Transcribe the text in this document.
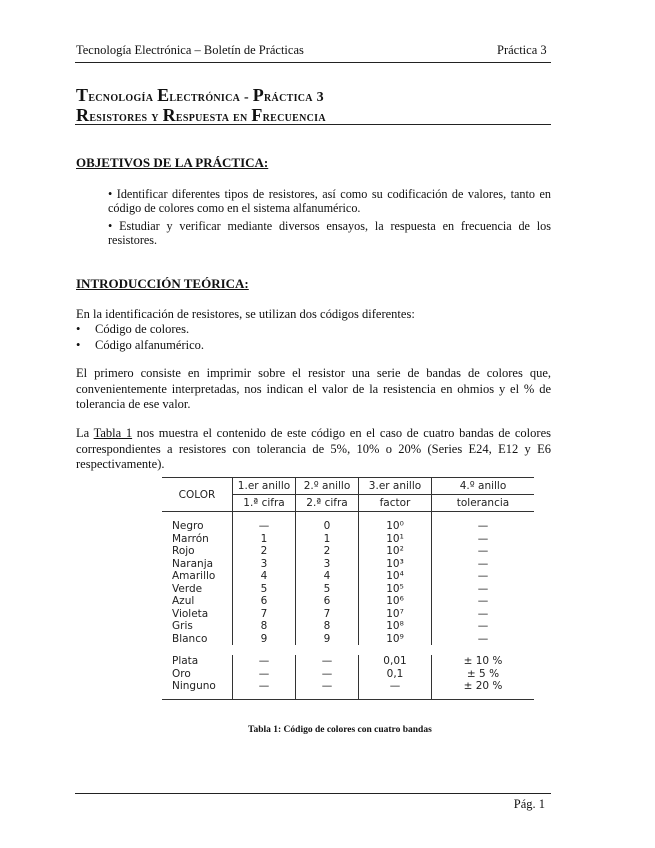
Tecnología Electrónica – Boletín de Prácticas	Práctica 3
Tecnología Electrónica - Práctica 3
Resistores y Respuesta en Frecuencia
OBJETIVOS DE LA PRÁCTICA:
• Identificar diferentes tipos de resistores, así como su codificación de valores, tanto en código de colores como en el sistema alfanumérico.
• Estudiar y verificar mediante diversos ensayos, la respuesta en frecuencia de los resistores.
INTRODUCCIÓN TEÓRICA:
En la identificación de resistores, se utilizan dos códigos diferentes:
• Código de colores.
• Código alfanumérico.
El primero consiste en imprimir sobre el resistor una serie de bandas de colores que, convenientemente interpretadas, nos indican el valor de la resistencia en ohmios y el % de tolerancia de ese valor.
La Tabla 1 nos muestra el contenido de este código en el caso de cuatro bandas de colores correspondientes a resistores con tolerancia de 5%, 10% o 20% (Series E24, E12 y E6 respectivamente).
COLOR	1.er anillo	2.º anillo	3.er anillo	4.º anillo
	1.ª cifra	2.ª cifra	factor	tolerancia
Negro	—	0	10⁰	—
Marrón	1	1	10¹	—
Rojo	2	2	10²	—
Naranja	3	3	10³	—
Amarillo	4	4	10⁴	—
Verde	5	5	10⁵	—
Azul	6	6	10⁶	—
Violeta	7	7	10⁷	—
Gris	8	8	10⁸	—
Blanco	9	9	10⁹	—

Plata	—	—	0,01	± 10 %
Oro	—	—	0,1	± 5 %
Ninguno	—	—	—	± 20 %
Tabla 1: Código de colores con cuatro bandas
Pág. 1
